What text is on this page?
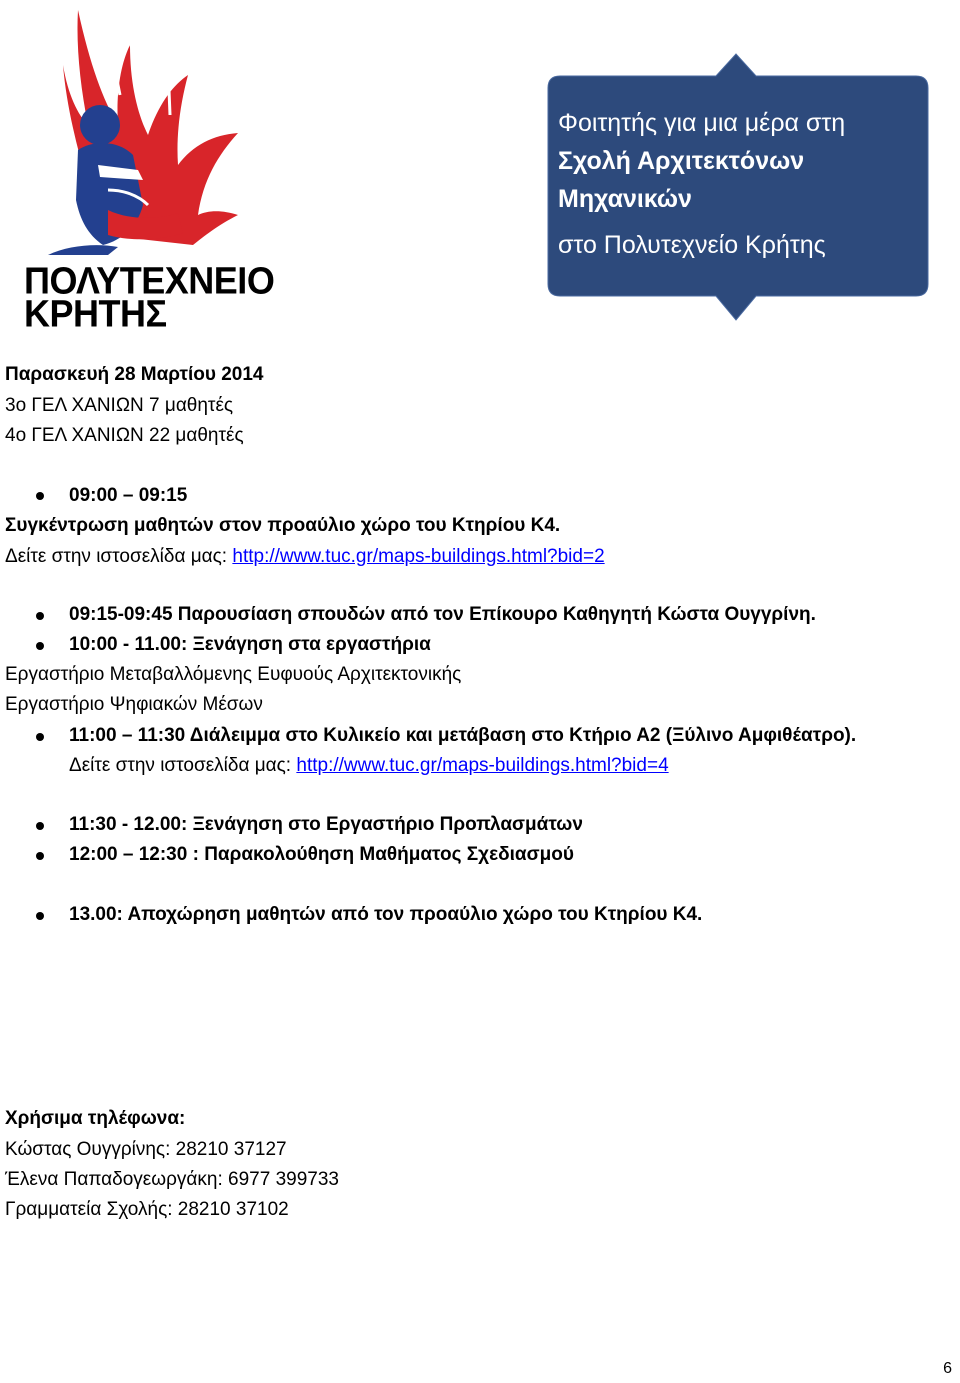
ΠΟΛΥΤΕΧΝΕΙΟ
ΚΡΗΤΗΣ
Φοιτητής για μια μέρα στη
Σχολή Αρχιτεκτόνων
Μηχανικών
στο Πολυτεχνείο Κρήτης
Παρασκευή 28 Μαρτίου 2014
3ο ΓΕΛ ΧΑΝΙΩΝ 7 μαθητές
4ο ΓΕΛ ΧΑΝΙΩΝ 22 μαθητές
09:00 – 09:15
Συγκέντρωση μαθητών στον προαύλιο χώρο του Κτηρίου Κ4.
Δείτε στην ιστοσελίδα μας: http://www.tuc.gr/maps-buildings.html?bid=2
09:15-09:45 Παρουσίαση σπουδών από τον Επίκουρο Καθηγητή Κώστα Ουγγρίνη.
10:00 - 11.00: Ξενάγηση στα εργαστήρια
Εργαστήριο Μεταβαλλόμενης Ευφυούς Αρχιτεκτονικής
Εργαστήριο Ψηφιακών Μέσων
11:00 – 11:30 Διάλειμμα στο Κυλικείο και μετάβαση στο Κτήριο Α2 (Ξύλινο Αμφιθέατρο).
Δείτε στην ιστοσελίδα μας: http://www.tuc.gr/maps-buildings.html?bid=4
11:30 - 12.00: Ξενάγηση στο Εργαστήριο Προπλασμάτων
12:00 – 12:30 : Παρακολούθηση Μαθήματος Σχεδιασμού
13.00: Αποχώρηση μαθητών από τον προαύλιο χώρο του Κτηρίου Κ4.
Χρήσιμα τηλέφωνα:
Κώστας Ουγγρίνης: 28210 37127
Έλενα Παπαδογεωργάκη: 6977 399733
Γραμματεία Σχολής: 28210 37102
6
